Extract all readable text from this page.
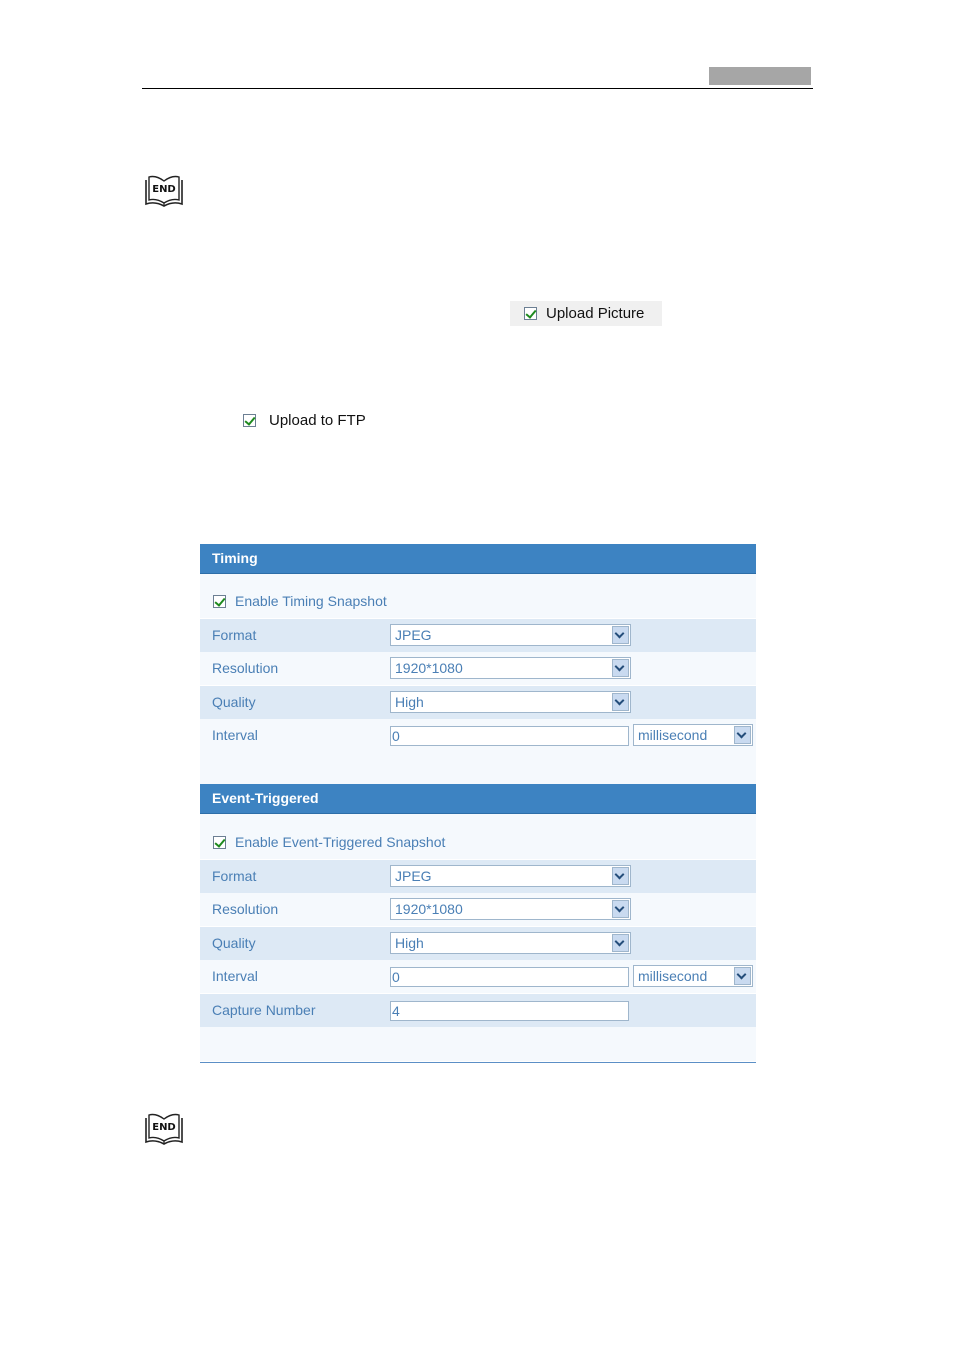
END
Upload Picture
Upload to FTP
Timing
Enable Timing Snapshot
Format	JPEG
Resolution	1920*1080
Quality	High
Interval	0	millisecond
Event-Triggered
Enable Event-Triggered Snapshot
Format	JPEG
Resolution	1920*1080
Quality	High
Interval	0	millisecond
Capture Number	4
END
